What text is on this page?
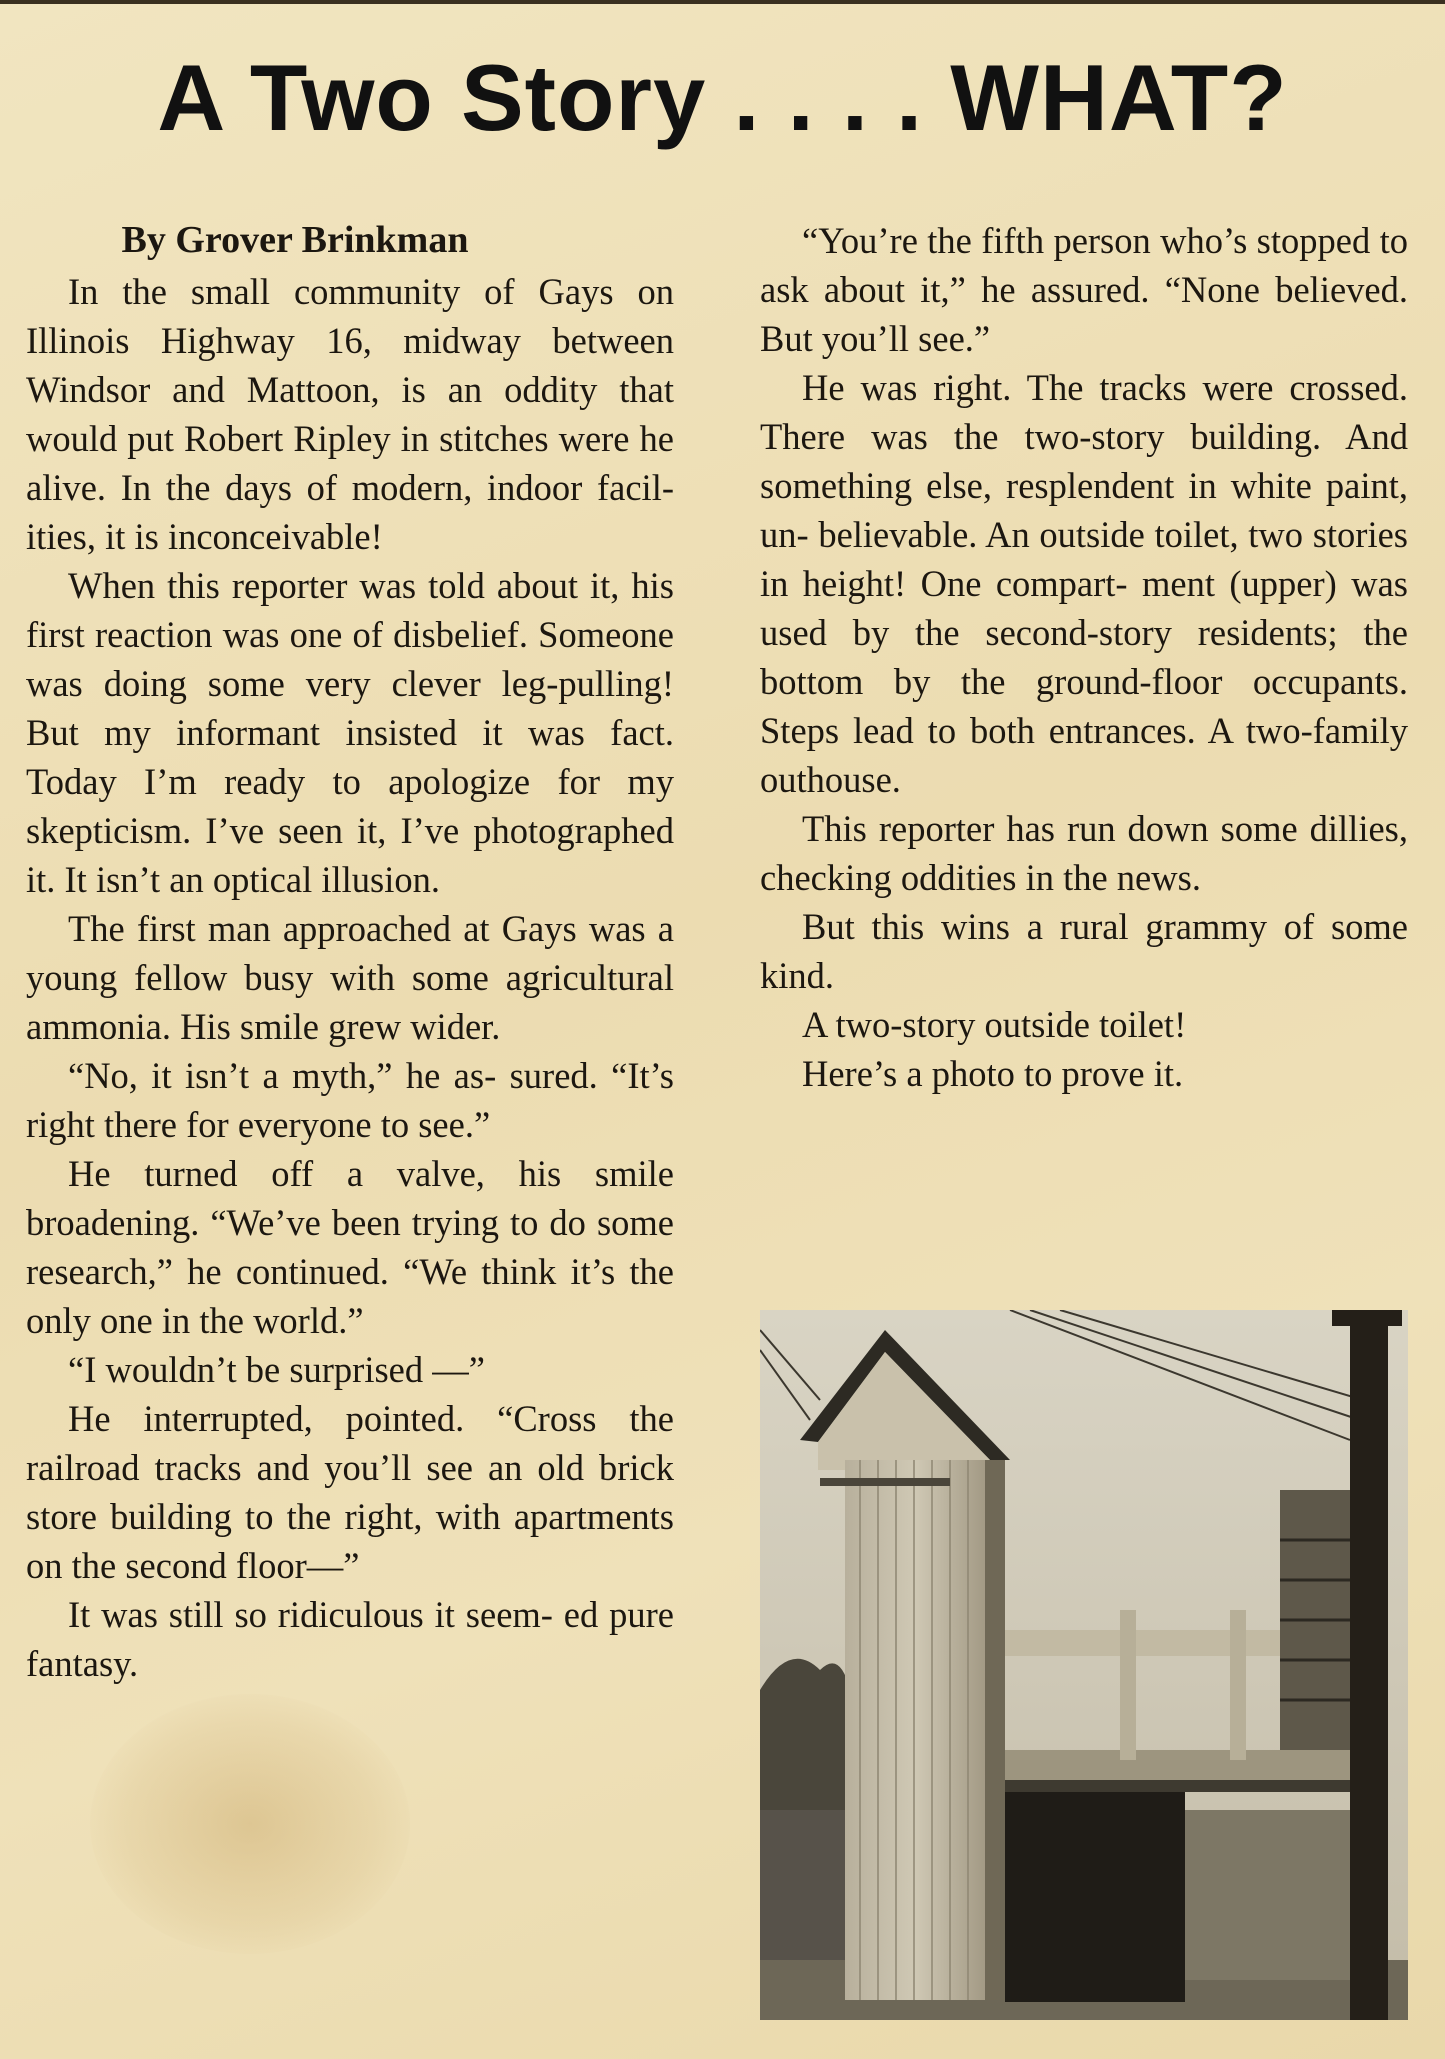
A Two Story . . . . WHAT?
By Grover Brinkman

In the small community of Gays on Illinois Highway 16, midway between Windsor and Mattoon, is an oddity that would put Robert Ripley in stitches were he alive. In the days of modern, indoor facil- ities, it is inconceivable!

When this reporter was told about it, his first reaction was one of disbelief. Someone was doing some very clever leg-pulling! But my informant insisted it was fact. Today I’m ready to apologize for my skepticism. I’ve seen it, I’ve photographed it. It isn’t an optical illusion.

The first man approached at Gays was a young fellow busy with some agricultural ammonia. His smile grew wider.

“No, it isn’t a myth,” he as- sured. “It’s right there for everyone to see.”

He turned off a valve, his smile broadening. “We’ve been trying to do some research,” he continued. “We think it’s the only one in the world.”

“I wouldn’t be surprised —”

He interrupted, pointed. “Cross the railroad tracks and you’ll see an old brick store building to the right, with apartments on the second floor—”

It was still so ridiculous it seem- ed pure fantasy.

“You’re the fifth person who’s stopped to ask about it,” he assured. “None believed. But you’ll see.”

He was right. The tracks were crossed. There was the two-story building. And something else, resplendent in white paint, un- believable. An outside toilet, two stories in height! One compart- ment (upper) was used by the second-story residents; the bottom by the ground-floor occupants. Steps lead to both entrances. A two-family outhouse.

This reporter has run down some dillies, checking oddities in the news.

But this wins a rural grammy of some kind.

A two-story outside toilet!

Here’s a photo to prove it.
